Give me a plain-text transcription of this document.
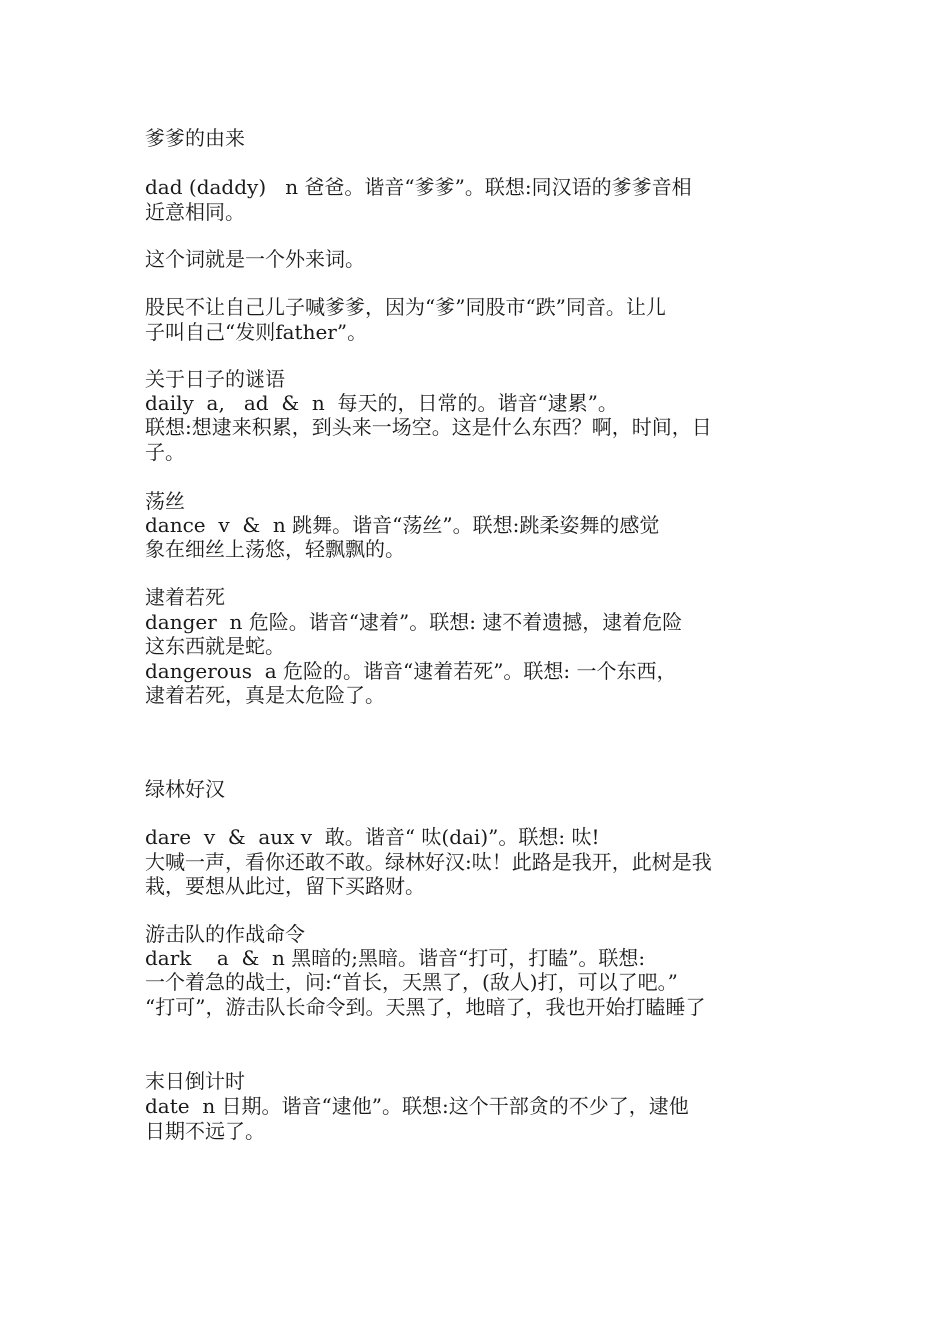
爹爹的由来
dad (daddy)   n 爸爸。谐音“爹爹”。联想:同汉语的爹爹音相
近意相同。
这个词就是一个外来词。
股民不让自己儿子喊爹爹，因为“爹”同股市“跌”同音。让儿
子叫自己“发则father”。
关于日子的谜语
daily  a,   ad  &  n  每天的，日常的。谐音“逮累”。
联想:想逮来积累，到头来一场空。这是什么东西？啊，时间，日
子。
荡丝
dance  v  &  n 跳舞。谐音“荡丝”。联想:跳柔姿舞的感觉
象在细丝上荡悠，轻飘飘的。
逮着若死
danger  n 危险。谐音“逮着”。联想: 逮不着遗撼，逮着危险
这东西就是蛇。
dangerous  a 危险的。谐音“逮着若死”。联想: 一个东西，
逮着若死，真是太危险了。
绿林好汉
dare  v  &  aux v  敢。谐音“ 呔(dai)”。联想: 呔!
大喊一声，看你还敢不敢。绿林好汉:呔！此路是我开，此树是我
栽，要想从此过，留下买路财。
游击队的作战命令
dark    a  &  n 黑暗的;黑暗。谐音“打可，打瞌”。联想:
一个着急的战士，问:“首长，天黑了，(敌人)打，可以了吧。”
“打可”，游击队长命令到。天黑了，地暗了，我也开始打瞌睡了
末日倒计时
date  n 日期。谐音“逮他”。联想:这个干部贪的不少了，逮他
日期不远了。
